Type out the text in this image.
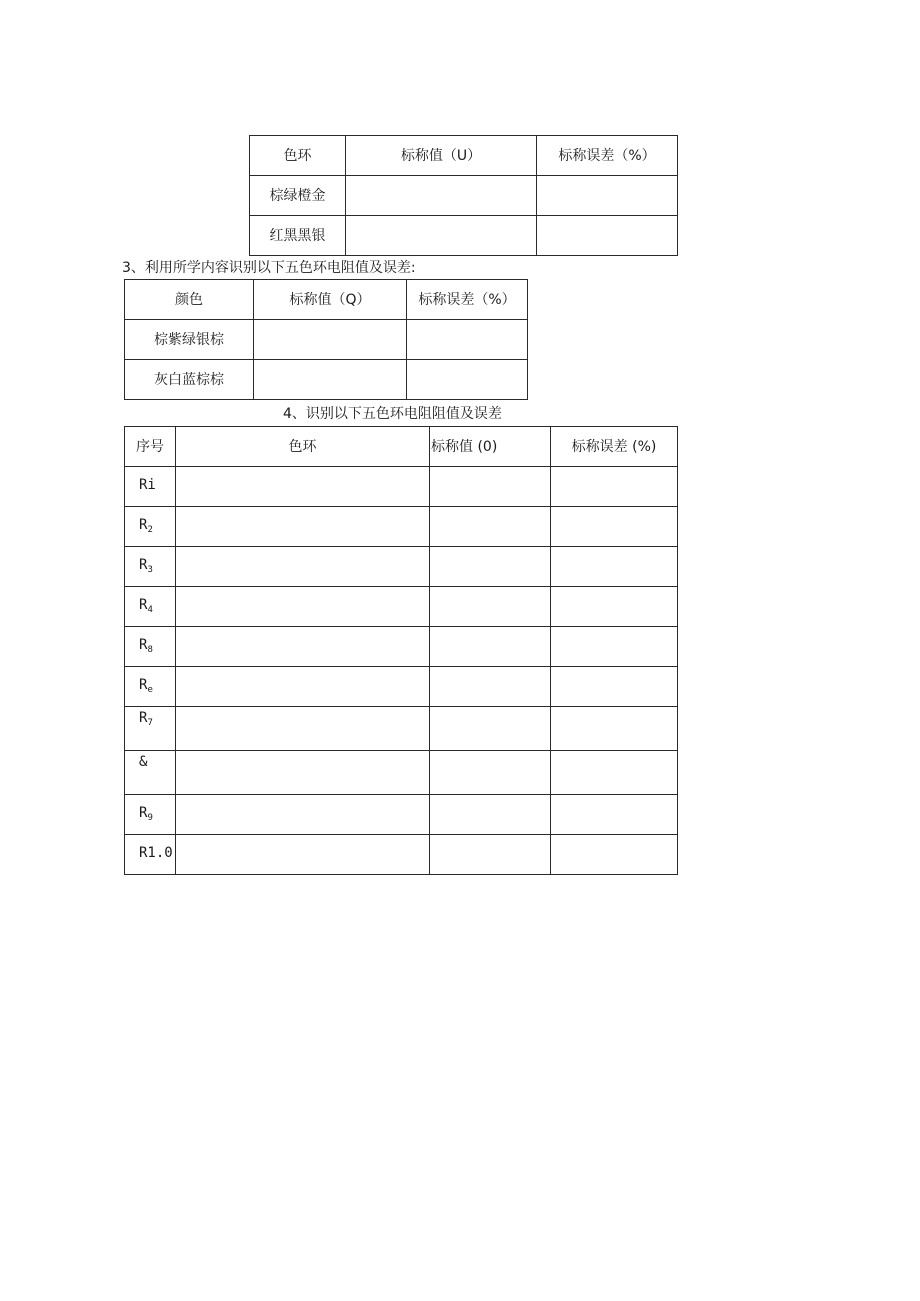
色环	标称值（U）	标称误差（%）
棕绿橙金		
红黑黑银		
3、利用所学内容识别以下五色环电阻值及误差:
颜色	标称值（Q）	标称误差（%）
棕紫绿银棕		
灰白蓝棕棕		
4、识别以下五色环电阻阻值及误差
序号	色环	标称值 (0)	标称误差 (%)
Ri			
$R_2$			
$R_3$			
$R_4$			
$R_8$			
$R_e$			
$R_7$			
&			
$R_9$			
R1.0			
